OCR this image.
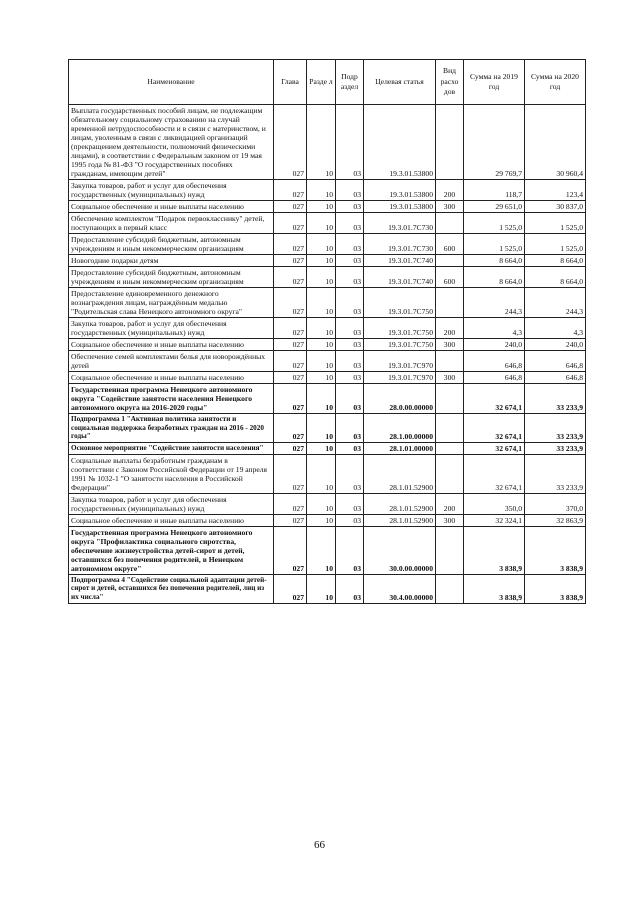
Наименование	Глава	Разде л	Подр аздел	Целевая статья	Вид расхо дов	Сумма на 2019 год	Сумма на 2020 год
Выплата государственных пособий лицам, не подлежащим обязательному социальному страхованию на случай временной нетрудоспособности и в связи с материнством, и лицам, уволенным в связи с ликвидацией организаций (прекращением деятельности, полномочий физическими лицами), в соответствии с Федеральным законом от 19 мая 1995 года № 81-ФЗ "О государственных пособиях гражданам, имеющим детей"	027	10	03	19.3.01.53800		29 769,7	30 960,4
Закупка товаров, работ и услуг для обеспечения государственных (муниципальных) нужд	027	10	03	19.3.01.53800	200	118,7	123,4
Социальное обеспечение и иные выплаты населению	027	10	03	19.3.01.53800	300	29 651,0	30 837,0
Обеспечение комплектом "Подарок первокласснику" детей, поступающих в первый класс	027	10	03	19.3.01.7C730		1 525,0	1 525,0
Предоставление субсидий бюджетным, автономным учреждениям и иным некоммерческим организациям	027	10	03	19.3.01.7C730	600	1 525,0	1 525,0
Новогодние подарки детям	027	10	03	19.3.01.7C740		8 664,0	8 664,0
Предоставление субсидий бюджетным, автономным учреждениям и иным некоммерческим организациям	027	10	03	19.3.01.7C740	600	8 664,0	8 664,0
Предоставление единовременного денежного вознаграждения лицам, награждённым медалью "Родительская слава Ненецкого автономного округа"	027	10	03	19.3.01.7C750		244,3	244,3
Закупка товаров, работ и услуг для обеспечения государственных (муниципальных) нужд	027	10	03	19.3.01.7C750	200	4,3	4,3
Социальное обеспечение и иные выплаты населению	027	10	03	19.3.01.7C750	300	240,0	240,0
Обеспечение семей комплектами белья для новорождённых детей	027	10	03	19.3.01.7C970		646,8	646,8
Социальное обеспечение и иные выплаты населению	027	10	03	19.3.01.7C970	300	646,8	646,8
Государственная программа Ненецкого автономного округа "Содействие занятости населения Ненецкого автономного округа на 2016-2020 годы"	027	10	03	28.0.00.00000		32 674,1	33 233,9
Подпрограмма 1 "Активная политика занятости и социальная поддержка безработных граждан на 2016 - 2020 годы"	027	10	03	28.1.00.00000		32 674,1	33 233,9
Основное мероприятие "Содействие занятости населения"	027	10	03	28.1.01.00000		32 674,1	33 233,9
Социальные выплаты безработным гражданам в соответствии с Законом Российской Федерации от 19 апреля 1991 № 1032-1 "О занятости населения в Российской Федерации"	027	10	03	28.1.01.52900		32 674,1	33 233,9
Закупка товаров, работ и услуг для обеспечения государственных (муниципальных) нужд	027	10	03	28.1.01.52900	200	350,0	370,0
Социальное обеспечение и иные выплаты населению	027	10	03	28.1.01.52900	300	32 324,1	32 863,9
Государственная программа Ненецкого автономного округа "Профилактика социального сиротства, обеспечение жизнеустройства детей-сирот и детей, оставшихся без попечения родителей, в Ненецком автономном округе"	027	10	03	30.0.00.00000		3 838,9	3 838,9
Подпрограмма 4 "Содействие социальной адаптации детей-сирот и детей, оставшихся без попечения родителей, лиц из их числа"	027	10	03	30.4.00.00000		3 838,9	3 838,9
66
